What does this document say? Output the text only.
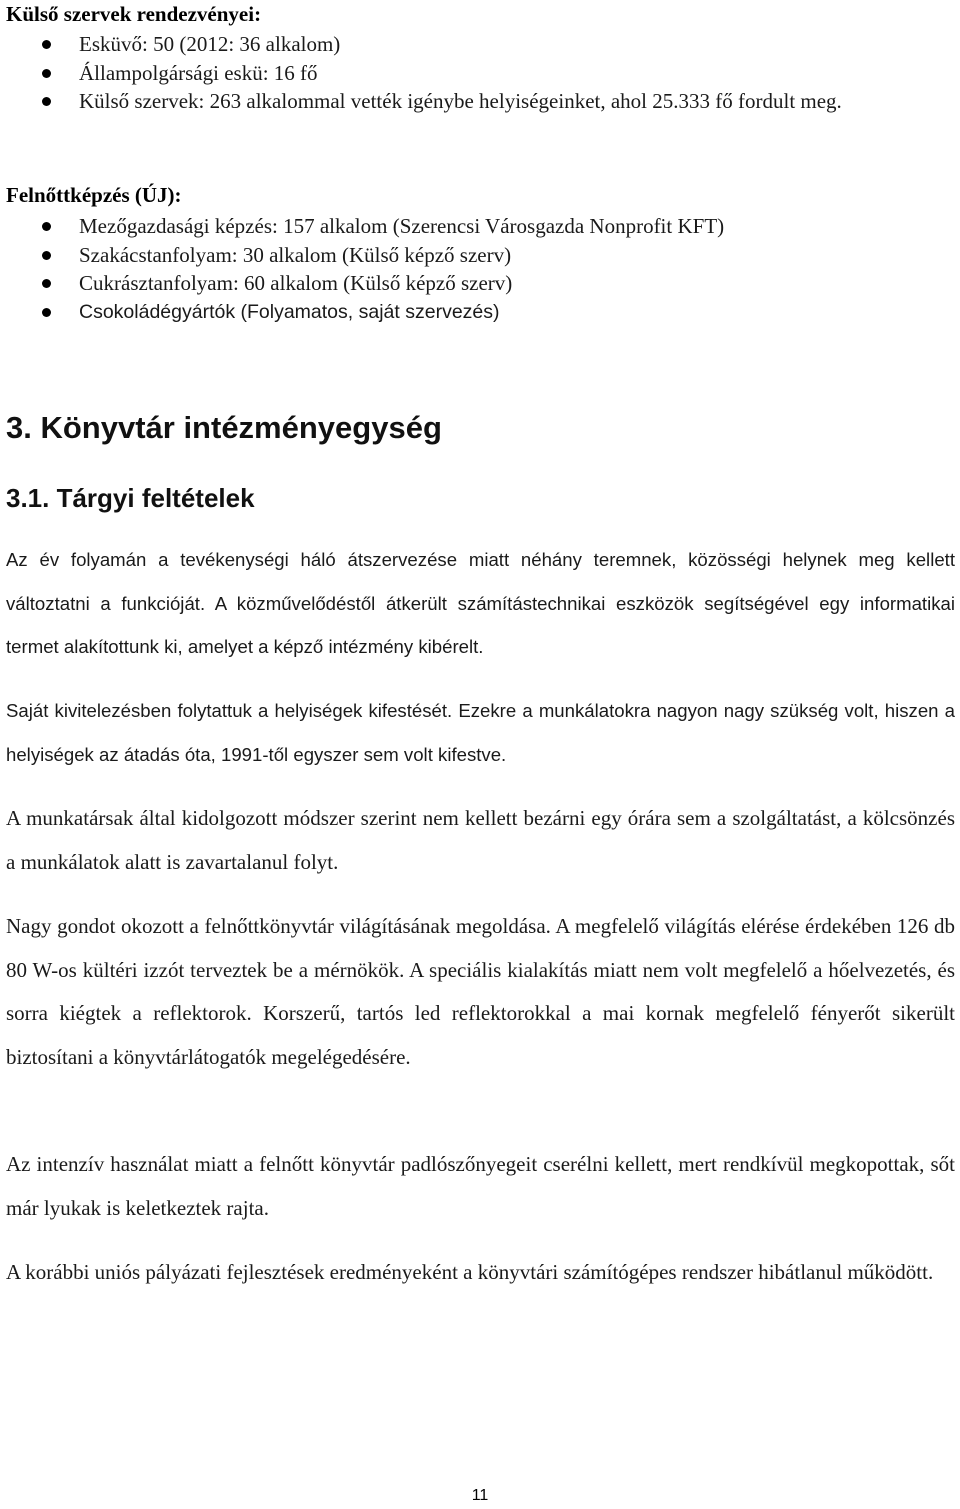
Külső szervek rendezvényei:
Esküvő: 50 (2012: 36 alkalom)
Állampolgársági eskü: 16 fő
Külső szervek: 263 alkalommal vették igénybe helyiségeinket, ahol 25.333 fő fordult meg.
Felnőttképzés (ÚJ):
Mezőgazdasági képzés: 157 alkalom (Szerencsi Városgazda Nonprofit KFT)
Szakácstanfolyam: 30 alkalom (Külső képző szerv)
Cukrásztanfolyam: 60 alkalom (Külső képző szerv)
Csokoládégyártók (Folyamatos, saját szervezés)
3. Könyvtár intézményegység
3.1. Tárgyi feltételek

Az év folyamán a tevékenységi háló átszervezése miatt néhány teremnek, közösségi helynek meg kellett változtatni a funkcióját. A közművelődéstől átkerült számítástechnikai eszközök segítségével egy informatikai termet alakítottunk ki, amelyet a képző intézmény kibérelt.

Saját kivitelezésben folytattuk a helyiségek kifestését. Ezekre a munkálatokra nagyon nagy szükség volt, hiszen a helyiségek az átadás óta, 1991-től egyszer sem volt kifestve.

A munkatársak által kidolgozott módszer szerint nem kellett bezárni egy órára sem a szolgáltatást, a kölcsönzés a munkálatok alatt is zavartalanul folyt.

Nagy gondot okozott a felnőttkönyvtár világításának megoldása. A megfelelő világítás elérése érdekében 126 db 80 W-os kültéri izzót terveztek be a mérnökök. A speciális kialakítás miatt nem volt megfelelő a hőelvezetés, és sorra kiégtek a reflektorok. Korszerű, tartós led reflektorokkal a mai kornak megfelelő fényerőt sikerült biztosítani a könyvtárlátogatók megelégedésére.

Az intenzív használat miatt a felnőtt könyvtár padlószőnyegeit cserélni kellett, mert rendkívül megkopottak, sőt már lyukak is keletkeztek rajta.

A korábbi uniós pályázati fejlesztések eredményeként a könyvtári számítógépes rendszer hibátlanul működött.

11
